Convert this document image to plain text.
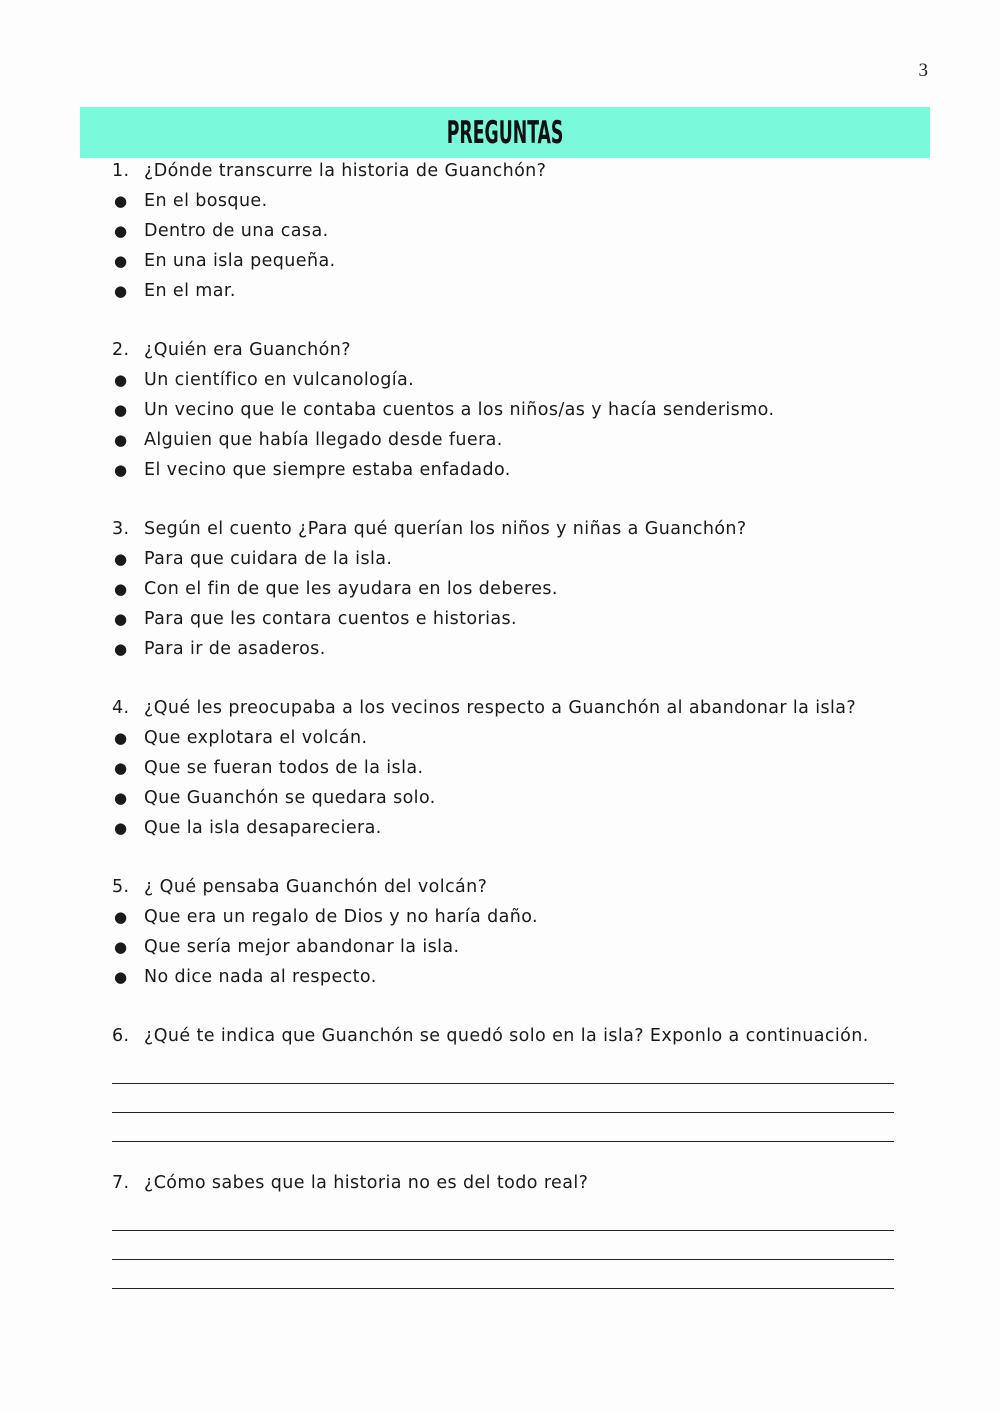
3
PREGUNTAS
1. ¿Dónde transcurre la historia de Guanchón?
● En el bosque.
● Dentro de una casa.
● En una isla pequeña.
● En el mar.
2. ¿Quién era Guanchón?
● Un científico en vulcanología.
● Un vecino que le contaba cuentos a los niños/as y hacía senderismo.
● Alguien que había llegado desde fuera.
● El vecino que siempre estaba enfadado.
3. Según el cuento ¿Para qué querían los niños y niñas a Guanchón?
● Para que cuidara de la isla.
● Con el fin de que les ayudara en los deberes.
● Para que les contara cuentos e historias.
● Para ir de asaderos.
4. ¿Qué les preocupaba a los vecinos respecto a Guanchón al abandonar la isla?
● Que explotara el volcán.
● Que se fueran todos de la isla.
● Que Guanchón se quedara solo.
● Que la isla desapareciera.
5. ¿ Qué pensaba Guanchón del volcán?
● Que era un regalo de Dios y no haría daño.
● Que sería mejor abandonar la isla.
● No dice nada al respecto.
6. ¿Qué te indica que Guanchón se quedó solo en la isla? Exponlo a continuación.
7. ¿Cómo sabes que la historia no es del todo real?
